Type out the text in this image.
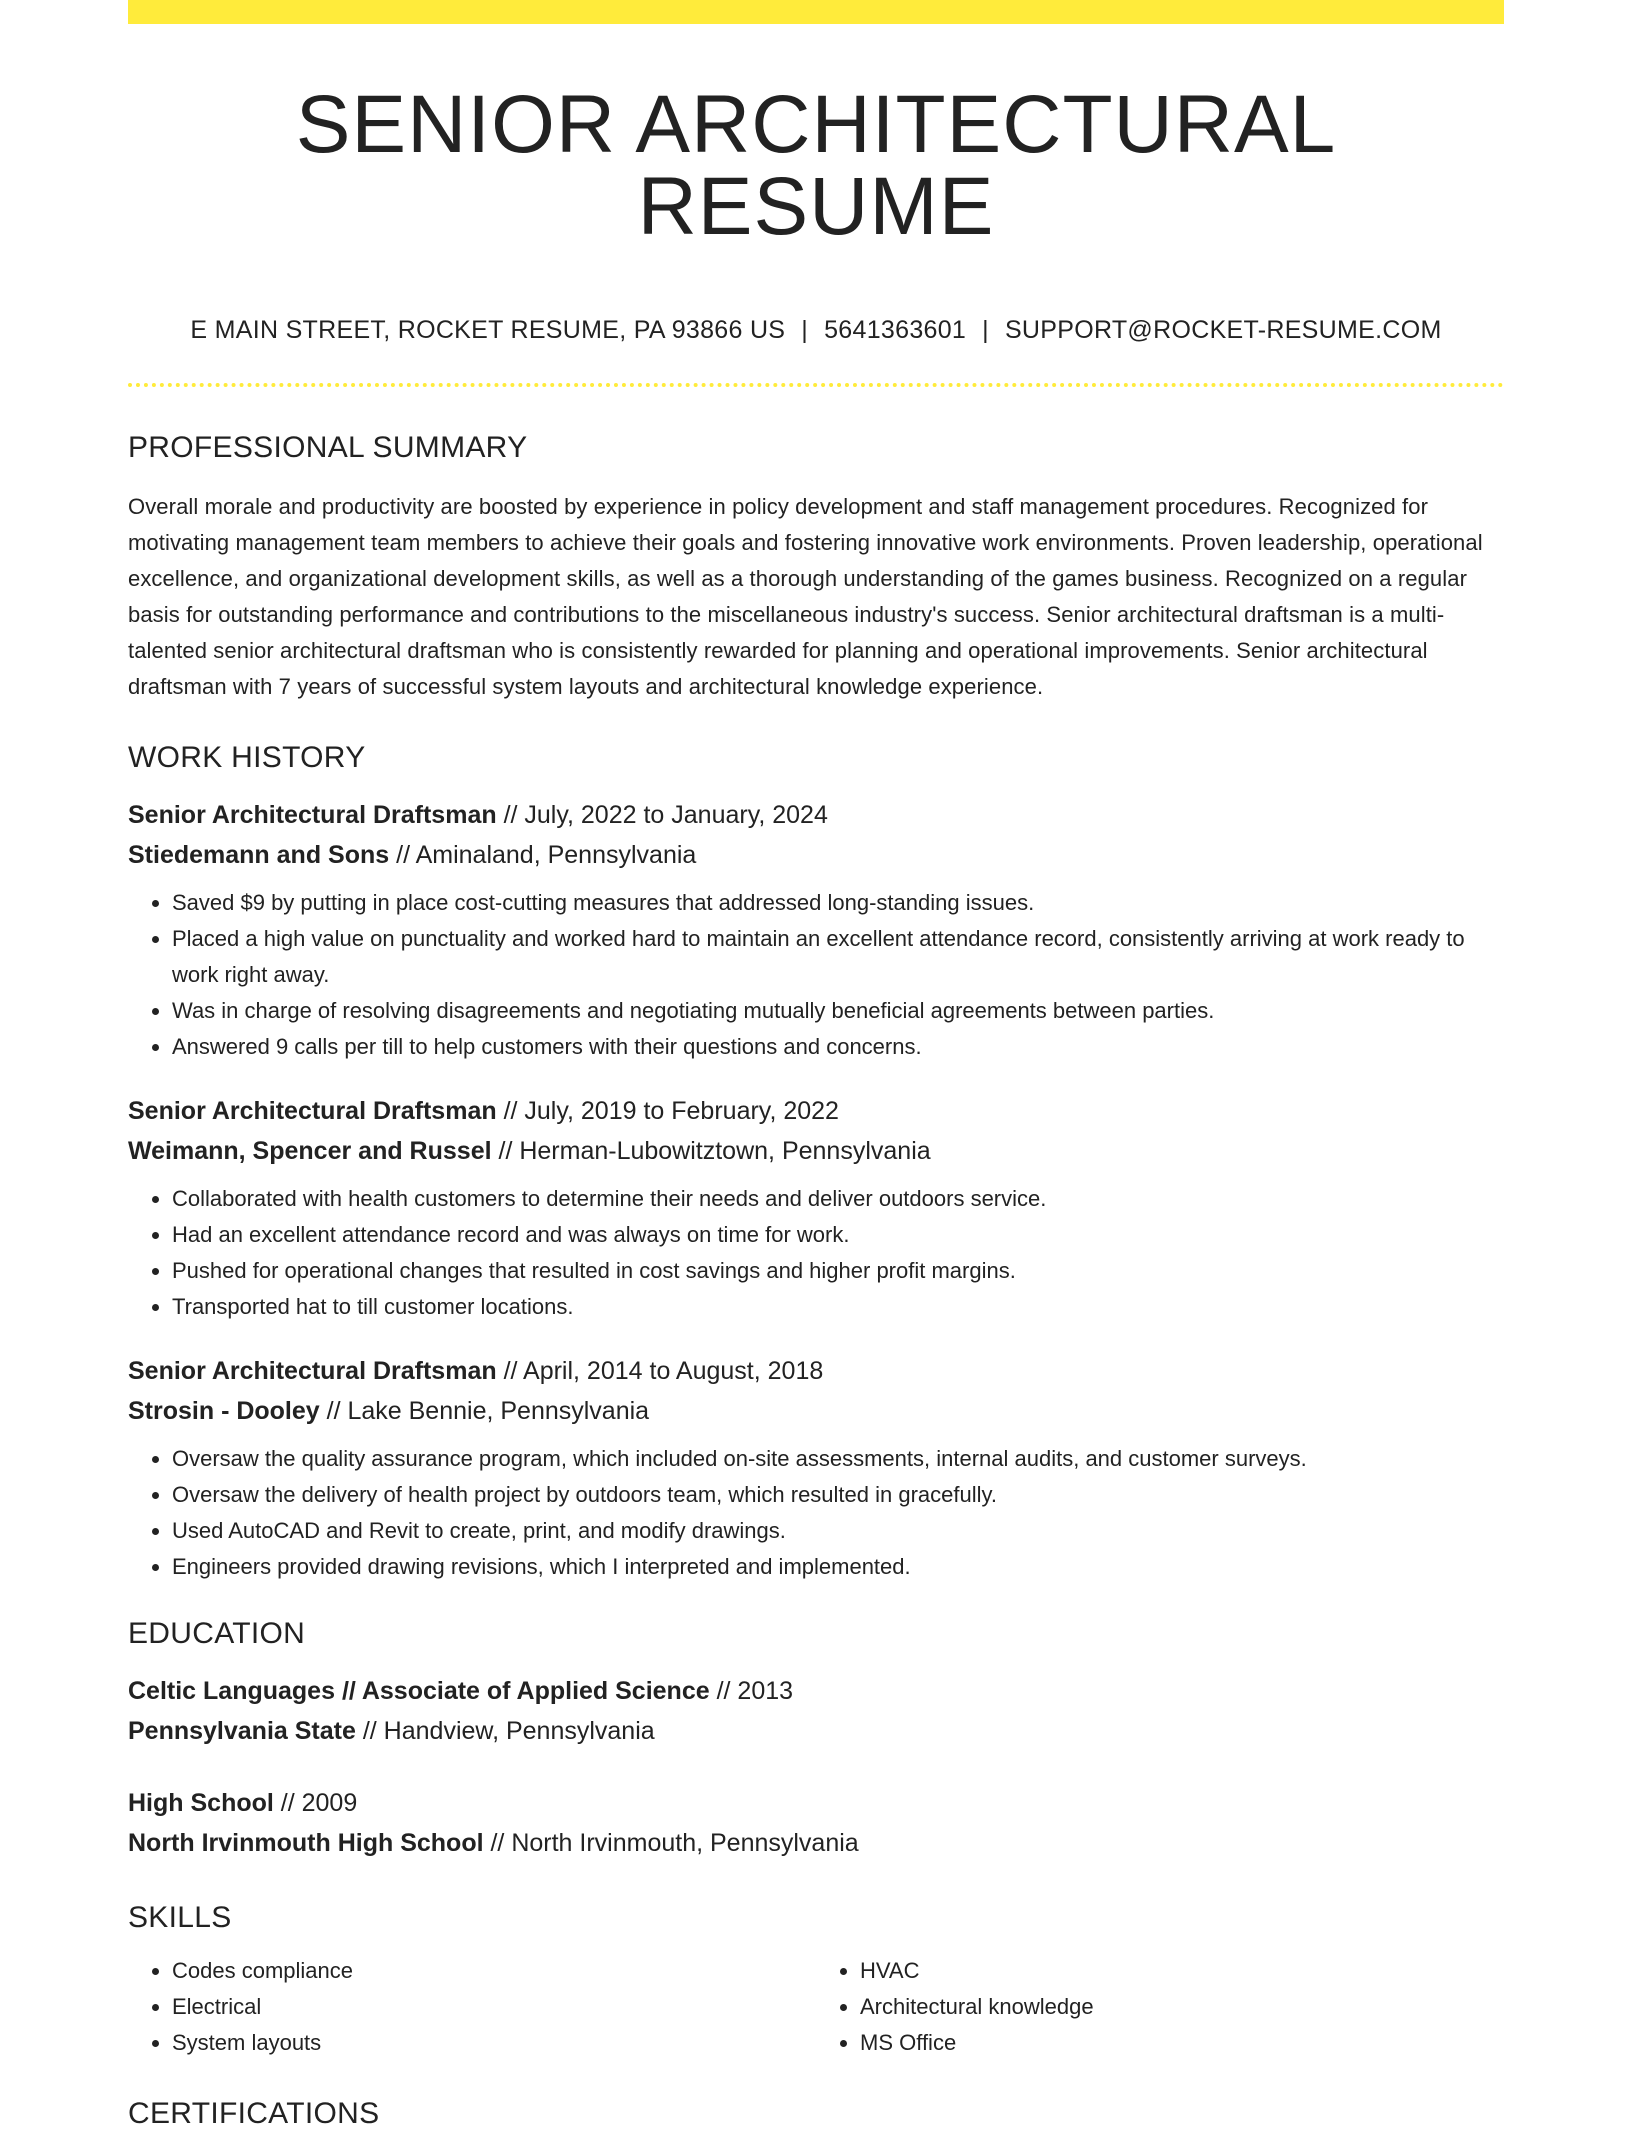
SENIOR ARCHITECTURAL RESUME
E MAIN STREET, ROCKET RESUME, PA 93866 US | 5641363601 | SUPPORT@ROCKET-RESUME.COM
PROFESSIONAL SUMMARY

Overall morale and productivity are boosted by experience in policy development and staff management procedures. Recognized for motivating management team members to achieve their goals and fostering innovative work environments. Proven leadership, operational excellence, and organizational development skills, as well as a thorough understanding of the games business. Recognized on a regular basis for outstanding performance and contributions to the miscellaneous industry's success. Senior architectural draftsman is a multi-talented senior architectural draftsman who is consistently rewarded for planning and operational improvements. Senior architectural draftsman with 7 years of successful system layouts and architectural knowledge experience.

WORK HISTORY
Senior Architectural Draftsman // July, 2022 to January, 2024
Stiedemann and Sons // Aminaland, Pennsylvania
• Saved $9 by putting in place cost-cutting measures that addressed long-standing issues.
• Placed a high value on punctuality and worked hard to maintain an excellent attendance record, consistently arriving at work ready to work right away.
• Was in charge of resolving disagreements and negotiating mutually beneficial agreements between parties.
• Answered 9 calls per till to help customers with their questions and concerns.
Senior Architectural Draftsman // July, 2019 to February, 2022
Weimann, Spencer and Russel // Herman-Lubowitztown, Pennsylvania
• Collaborated with health customers to determine their needs and deliver outdoors service.
• Had an excellent attendance record and was always on time for work.
• Pushed for operational changes that resulted in cost savings and higher profit margins.
• Transported hat to till customer locations.
Senior Architectural Draftsman // April, 2014 to August, 2018
Strosin - Dooley // Lake Bennie, Pennsylvania
• Oversaw the quality assurance program, which included on-site assessments, internal audits, and customer surveys.
• Oversaw the delivery of health project by outdoors team, which resulted in gracefully.
• Used AutoCAD and Revit to create, print, and modify drawings.
• Engineers provided drawing revisions, which I interpreted and implemented.
EDUCATION
Celtic Languages // Associate of Applied Science // 2013
Pennsylvania State // Handview, Pennsylvania
High School // 2009
North Irvinmouth High School // North Irvinmouth, Pennsylvania
SKILLS
• Codes compliance
• Electrical
• System layouts
• HVAC
• Architectural knowledge
• MS Office
CERTIFICATIONS
